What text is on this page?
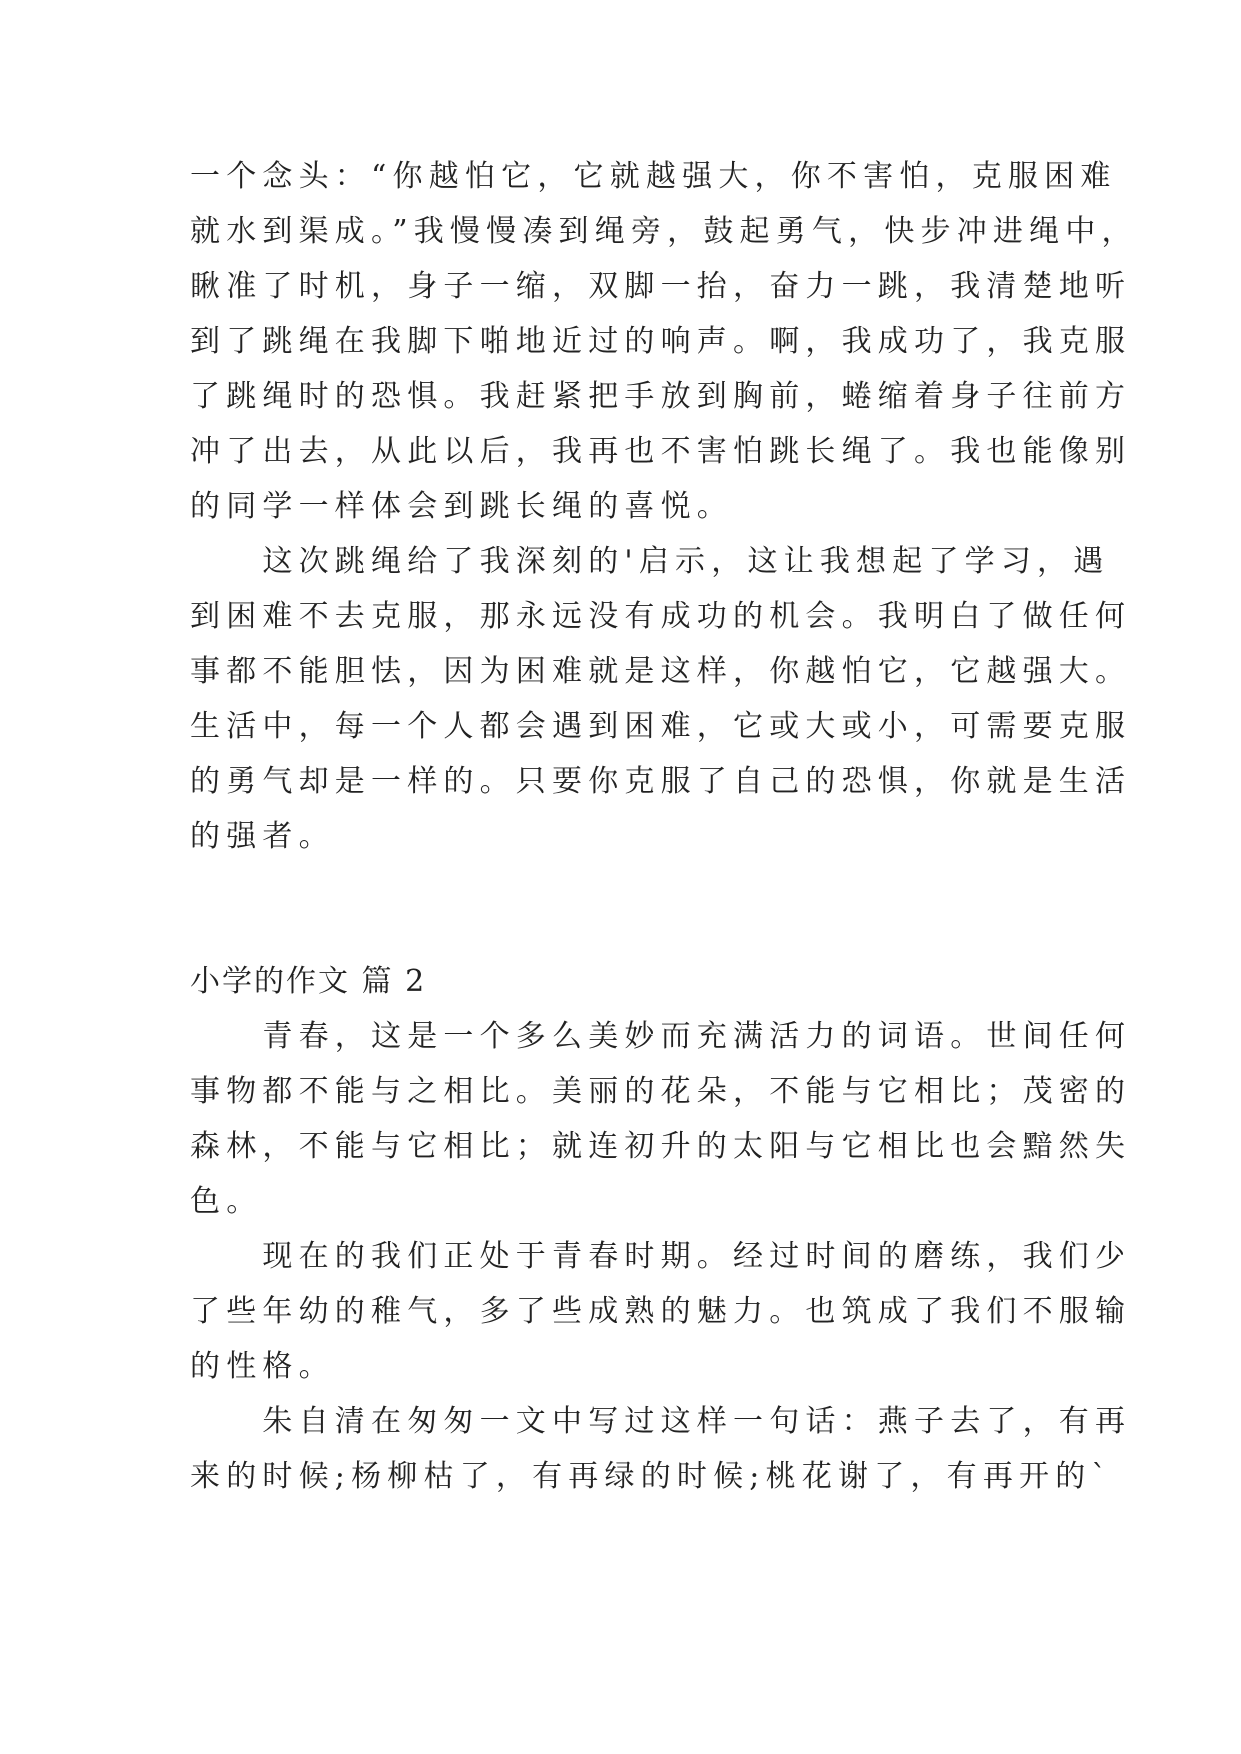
一个念头：“你越怕它，它就越强大，你不害怕，克服困难
就水到渠成。”我慢慢凑到绳旁，鼓起勇气，快步冲进绳中，
瞅准了时机，身子一缩，双脚一抬，奋力一跳，我清楚地听
到了跳绳在我脚下啪地近过的响声。啊，我成功了，我克服
了跳绳时的恐惧。我赶紧把手放到胸前，蜷缩着身子往前方
冲了出去，从此以后，我再也不害怕跳长绳了。我也能像别
的同学一样体会到跳长绳的喜悦。
　　这次跳绳给了我深刻的'启示，这让我想起了学习，遇
到困难不去克服，那永远没有成功的机会。我明白了做任何
事都不能胆怯，因为困难就是这样，你越怕它，它越强大。
生活中，每一个人都会遇到困难，它或大或小，可需要克服
的勇气却是一样的。只要你克服了自己的恐惧，你就是生活
的强者。
小学的作文 篇 2
　　青春，这是一个多么美妙而充满活力的词语。世间任何
事物都不能与之相比。美丽的花朵，不能与它相比；茂密的
森林，不能与它相比；就连初升的太阳与它相比也会黯然失
色。
　　现在的我们正处于青春时期。经过时间的磨练，我们少
了些年幼的稚气，多了些成熟的魅力。也筑成了我们不服输
的性格。
　　朱自清在匆匆一文中写过这样一句话：燕子去了，有再
来的时候;杨柳枯了，有再绿的时候;桃花谢了，有再开的`
